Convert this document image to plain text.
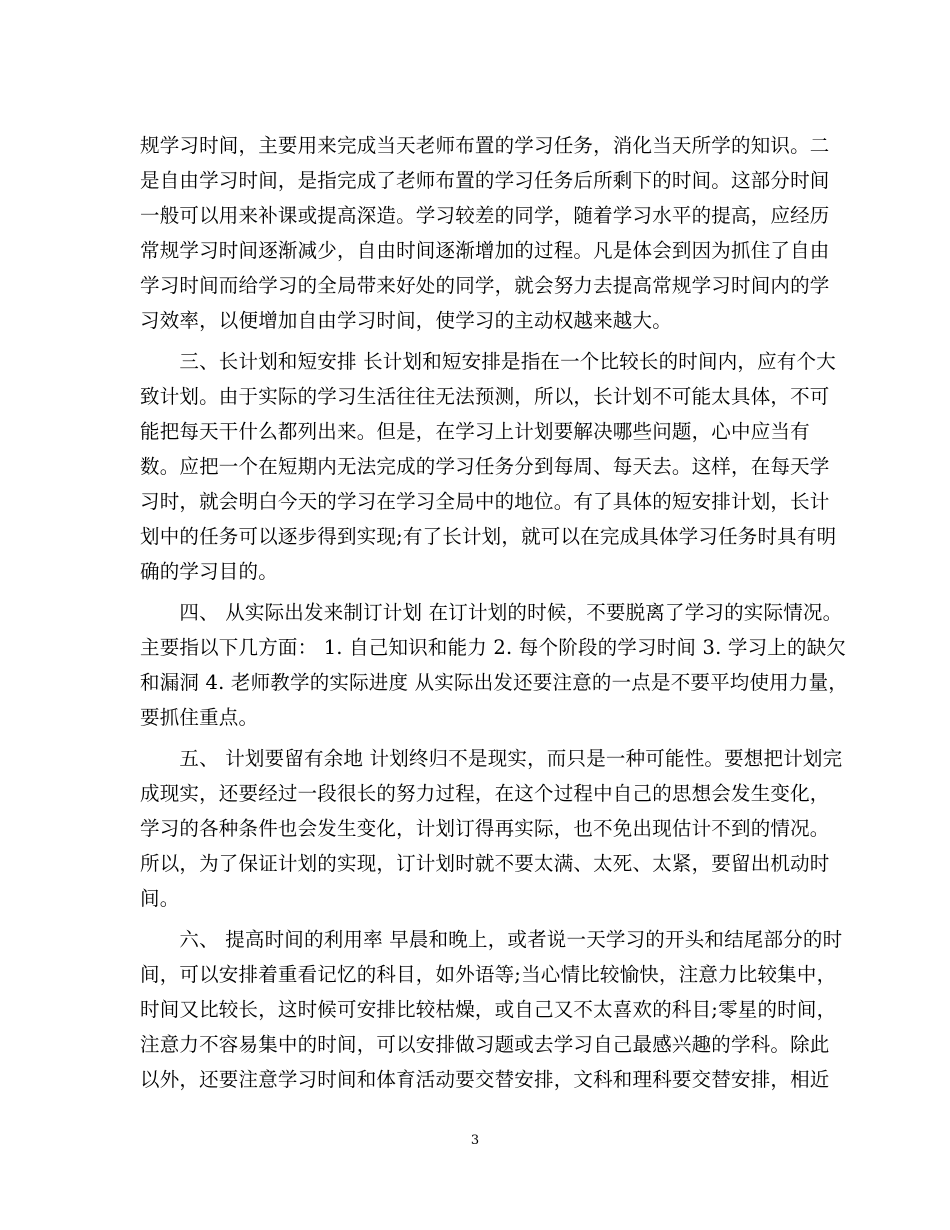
规学习时间，主要用来完成当天老师布置的学习任务，消化当天所学的知识。二
是自由学习时间，是指完成了老师布置的学习任务后所剩下的时间。这部分时间
一般可以用来补课或提高深造。学习较差的同学，随着学习水平的提高，应经历
常规学习时间逐渐减少，自由时间逐渐增加的过程。凡是体会到因为抓住了自由
学习时间而给学习的全局带来好处的同学，就会努力去提高常规学习时间内的学
习效率，以便增加自由学习时间，使学习的主动权越来越大。
　　三、长计划和短安排 长计划和短安排是指在一个比较长的时间内，应有个大
致计划。由于实际的学习生活往往无法预测，所以，长计划不可能太具体，不可
能把每天干什么都列出来。但是，在学习上计划要解决哪些问题，心中应当有
数。应把一个在短期内无法完成的学习任务分到每周、每天去。这样，在每天学
习时，就会明白今天的学习在学习全局中的地位。有了具体的短安排计划，长计
划中的任务可以逐步得到实现;有了长计划，就可以在完成具体学习任务时具有明
确的学习目的。
　　四、 从实际出发来制订计划 在订计划的时候，不要脱离了学习的实际情况。
主要指以下几方面： 1. 自己知识和能力 2. 每个阶段的学习时间 3. 学习上的缺欠
和漏洞 4. 老师教学的实际进度 从实际出发还要注意的一点是不要平均使用力量，
要抓住重点。
　　五、 计划要留有余地 计划终归不是现实，而只是一种可能性。要想把计划完
成现实，还要经过一段很长的努力过程，在这个过程中自己的思想会发生变化，
学习的各种条件也会发生变化，计划订得再实际，也不免出现估计不到的情况。
所以，为了保证计划的实现，订计划时就不要太满、太死、太紧，要留出机动时
间。
　　六、 提高时间的利用率 早晨和晚上，或者说一天学习的开头和结尾部分的时
间，可以安排着重看记忆的科目，如外语等;当心情比较愉快，注意力比较集中，
时间又比较长，这时候可安排比较枯燥，或自己又不太喜欢的科目;零星的时间，
注意力不容易集中的时间，可以安排做习题或去学习自己最感兴趣的学科。除此
以外，还要注意学习时间和体育活动要交替安排，文科和理科要交替安排，相近
3
